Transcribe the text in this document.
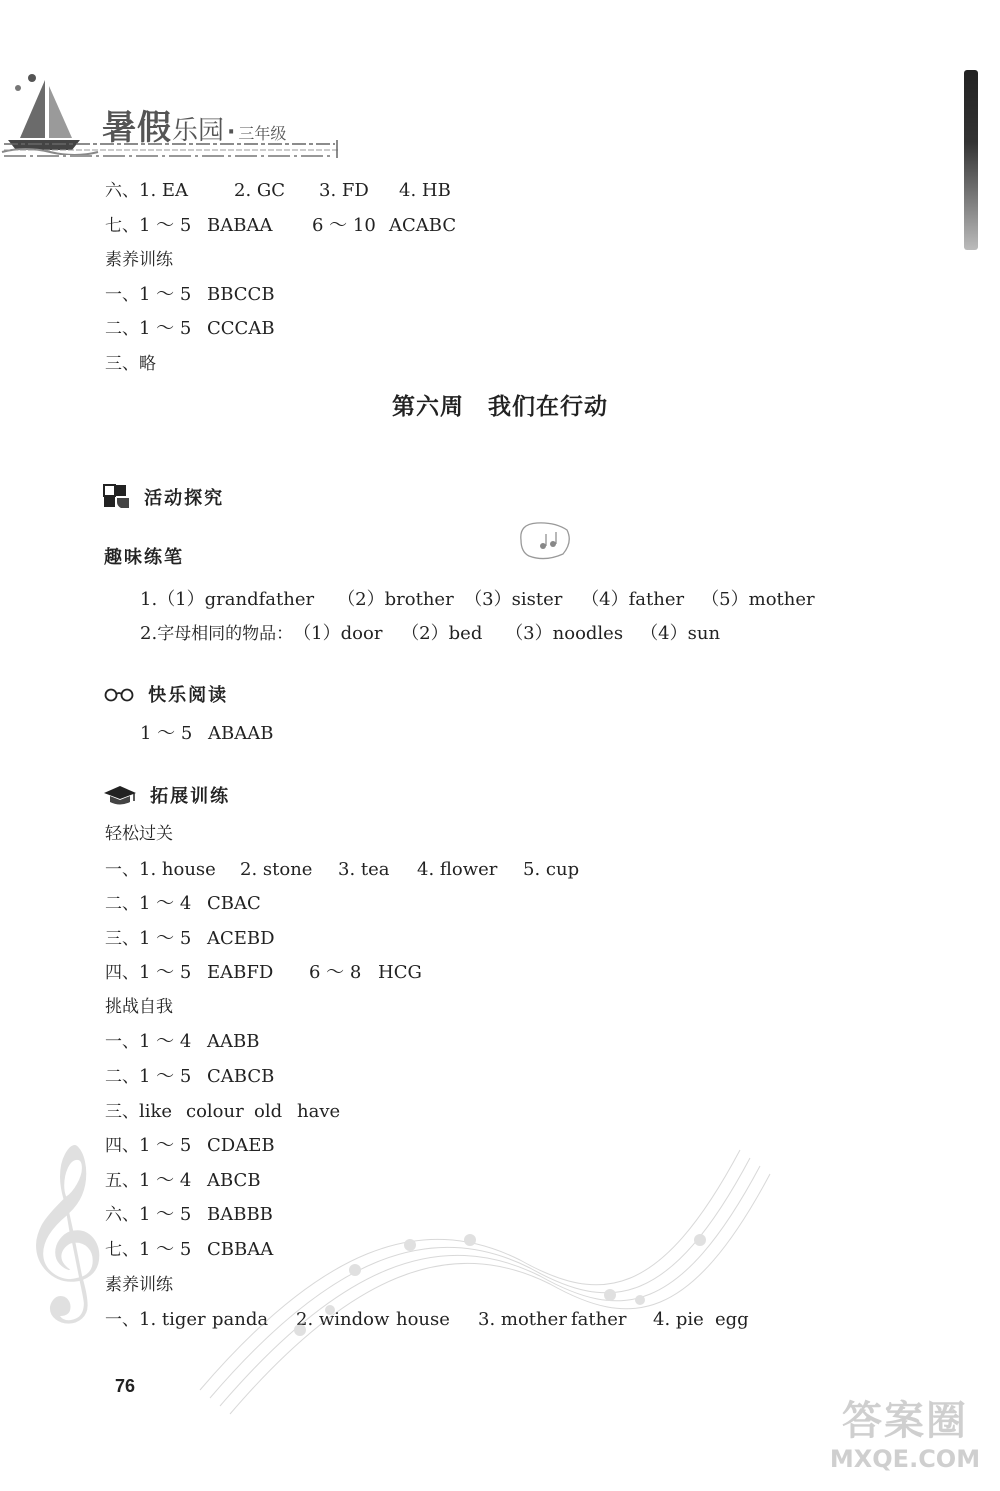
暑假乐园 · 三年级
六、1. EA	2. GC 3. FD 4. HB
七、1 ～ 5 BABAA 6 ～ 10 ACABC
素养训练
一、1 ～ 5 BBCCB
二、1 ～ 5 CCCAB
三、略
第六周　我们在行动
活动探究
趣味练笔
1.（1）grandfather （2）brother （3）sister （4）father （5）mother
2.字母相同的物品：（1）door （2）bed （3）noodles （4）sun
快乐阅读
1 ～ 5 ABAAB
拓展训练
轻松过关
一、1. house 2. stone 3. tea 4. flower 5. cup
二、1 ～ 4 CBAC
三、1 ～ 5 ACEBD
四、1 ～ 5 EABFD 6 ～ 8 HCG
挑战自我
一、1 ～ 4 AABB
二、1 ～ 5 CABCB
三、like colour old have
四、1 ～ 5 CDAEB
五、1 ～ 4 ABCB
六、1 ～ 5 BABBB
七、1 ～ 5 CBBAA
素养训练
一、1. tiger panda 2. window house 3. mother father 4. pie egg
𝄞
76
答案圈
MXQE.COM
